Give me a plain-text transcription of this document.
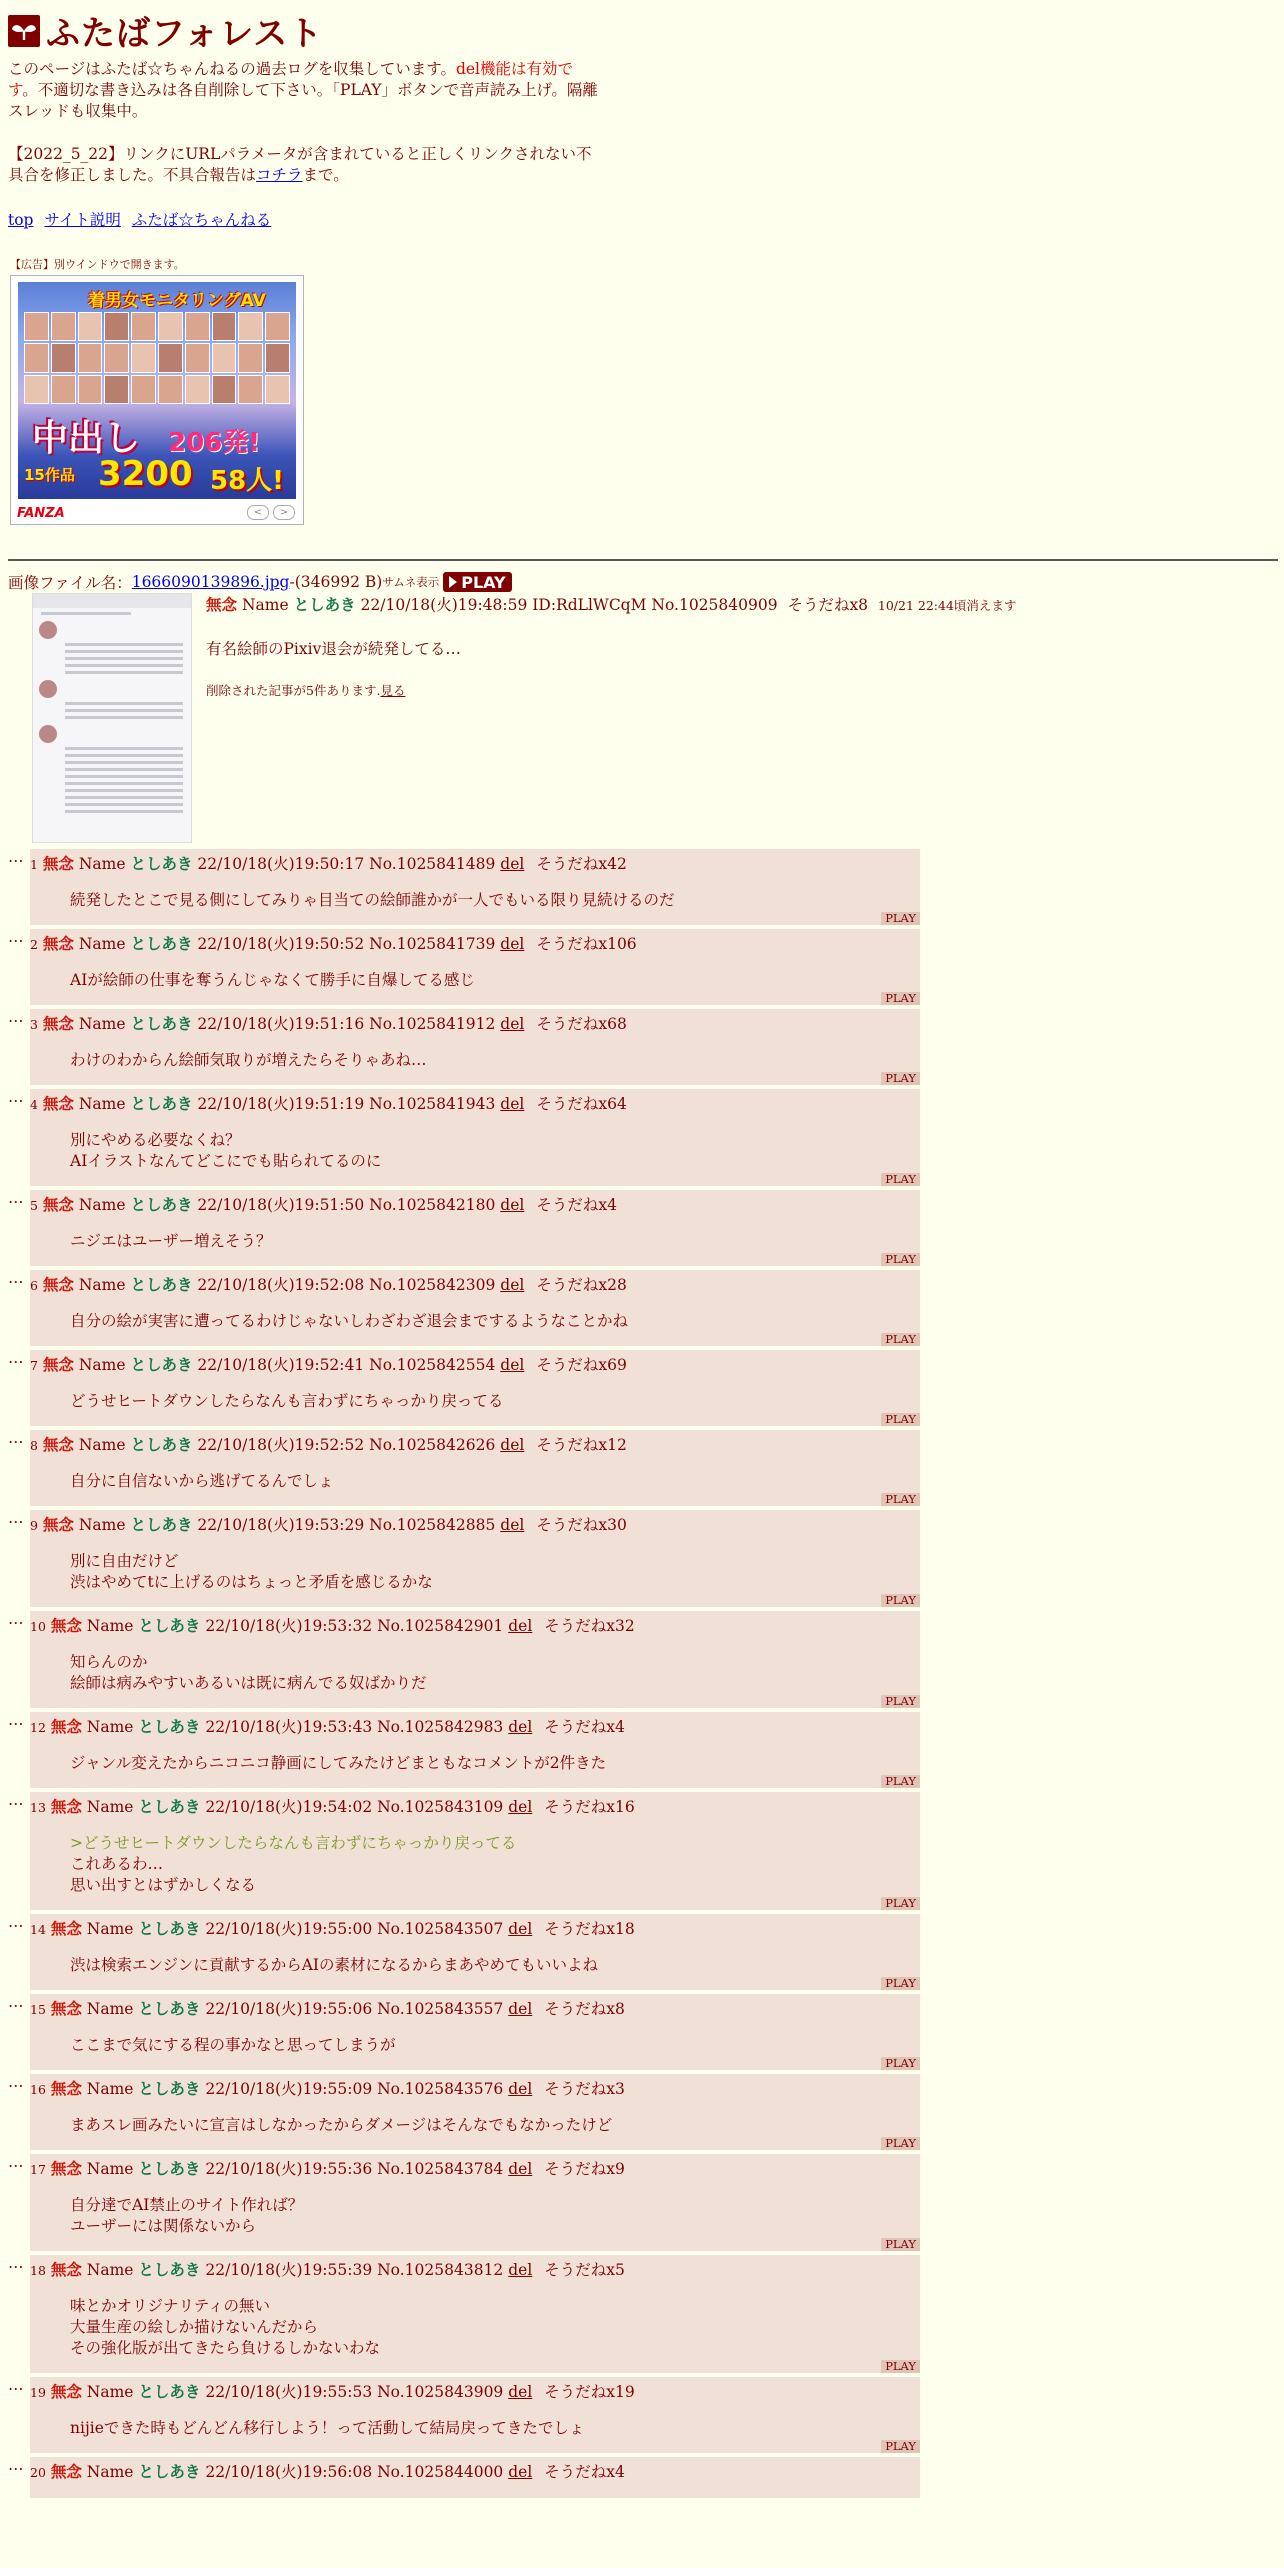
ふたばフォレスト

このページはふたば☆ちゃんねるの過去ログを収集しています。del機能は有効です。不適切な書き込みは各自削除して下さい。「PLAY」ボタンで音声読み上げ。隔離スレッドも収集中。

【2022_5_22】リンクにURLパラメータが含まれていると正しくリンクされない不具合を修正しました。不具合報告はコチラまで。

top サイト説明 ふたば☆ちゃんねる
【広告】別ウインドウで開きます。
着男女モニタリングAV
中出し 206発!
15作品 3200 58人!
FANZA	<	>
画像ファイル名： 1666090139896.jpg -(346992 B) サムネ表示 PLAY
無念 Name としあき 22/10/18(火)19:48:59 ID:RdLlWCqM No.1025840909 そうだねx8 10/21 22:44頃消えます
有名絵師のPixiv退会が続発してる…
削除された記事が5件あります.見る
… 1 無念 Name としあき 22/10/18(火)19:50:17 No.1025841489 del そうだねx42
続発したとこで見る側にしてみりゃ目当ての絵師誰かが一人でもいる限り見続けるのだ
PLAY
… 2 無念 Name としあき 22/10/18(火)19:50:52 No.1025841739 del そうだねx106
AIが絵師の仕事を奪うんじゃなくて勝手に自爆してる感じ
PLAY
… 3 無念 Name としあき 22/10/18(火)19:51:16 No.1025841912 del そうだねx68
わけのわからん絵師気取りが増えたらそりゃあね…
PLAY
… 4 無念 Name としあき 22/10/18(火)19:51:19 No.1025841943 del そうだねx64
別にやめる必要なくね？
AIイラストなんてどこにでも貼られてるのに
PLAY
… 5 無念 Name としあき 22/10/18(火)19:51:50 No.1025842180 del そうだねx4
ニジエはユーザー増えそう？
PLAY
… 6 無念 Name としあき 22/10/18(火)19:52:08 No.1025842309 del そうだねx28
自分の絵が実害に遭ってるわけじゃないしわざわざ退会までするようなことかね
PLAY
… 7 無念 Name としあき 22/10/18(火)19:52:41 No.1025842554 del そうだねx69
どうせヒートダウンしたらなんも言わずにちゃっかり戻ってる
PLAY
… 8 無念 Name としあき 22/10/18(火)19:52:52 No.1025842626 del そうだねx12
自分に自信ないから逃げてるんでしょ
PLAY
… 9 無念 Name としあき 22/10/18(火)19:53:29 No.1025842885 del そうだねx30
別に自由だけど
渋はやめてtに上げるのはちょっと矛盾を感じるかな
PLAY
… 10 無念 Name としあき 22/10/18(火)19:53:32 No.1025842901 del そうだねx32
知らんのか
絵師は病みやすいあるいは既に病んでる奴ばかりだ
PLAY
… 12 無念 Name としあき 22/10/18(火)19:53:43 No.1025842983 del そうだねx4
ジャンル変えたからニコニコ静画にしてみたけどまともなコメントが2件きた
PLAY
… 13 無念 Name としあき 22/10/18(火)19:54:02 No.1025843109 del そうだねx16
>どうせヒートダウンしたらなんも言わずにちゃっかり戻ってる
これあるわ…
思い出すとはずかしくなる
PLAY
… 14 無念 Name としあき 22/10/18(火)19:55:00 No.1025843507 del そうだねx18
渋は検索エンジンに貢献するからAIの素材になるからまあやめてもいいよね
PLAY
… 15 無念 Name としあき 22/10/18(火)19:55:06 No.1025843557 del そうだねx8
ここまで気にする程の事かなと思ってしまうが
PLAY
… 16 無念 Name としあき 22/10/18(火)19:55:09 No.1025843576 del そうだねx3
まあスレ画みたいに宣言はしなかったからダメージはそんなでもなかったけど
PLAY
… 17 無念 Name としあき 22/10/18(火)19:55:36 No.1025843784 del そうだねx9
自分達でAI禁止のサイト作れば？
ユーザーには関係ないから
PLAY
… 18 無念 Name としあき 22/10/18(火)19:55:39 No.1025843812 del そうだねx5
味とかオリジナリティの無い
大量生産の絵しか描けないんだから
その強化版が出てきたら負けるしかないわな
PLAY
… 19 無念 Name としあき 22/10/18(火)19:55:53 No.1025843909 del そうだねx19
nijieできた時もどんどん移行しよう！って活動して結局戻ってきたでしょ
PLAY
… 20 無念 Name としあき 22/10/18(火)19:56:08 No.1025844000 del そうだねx4
